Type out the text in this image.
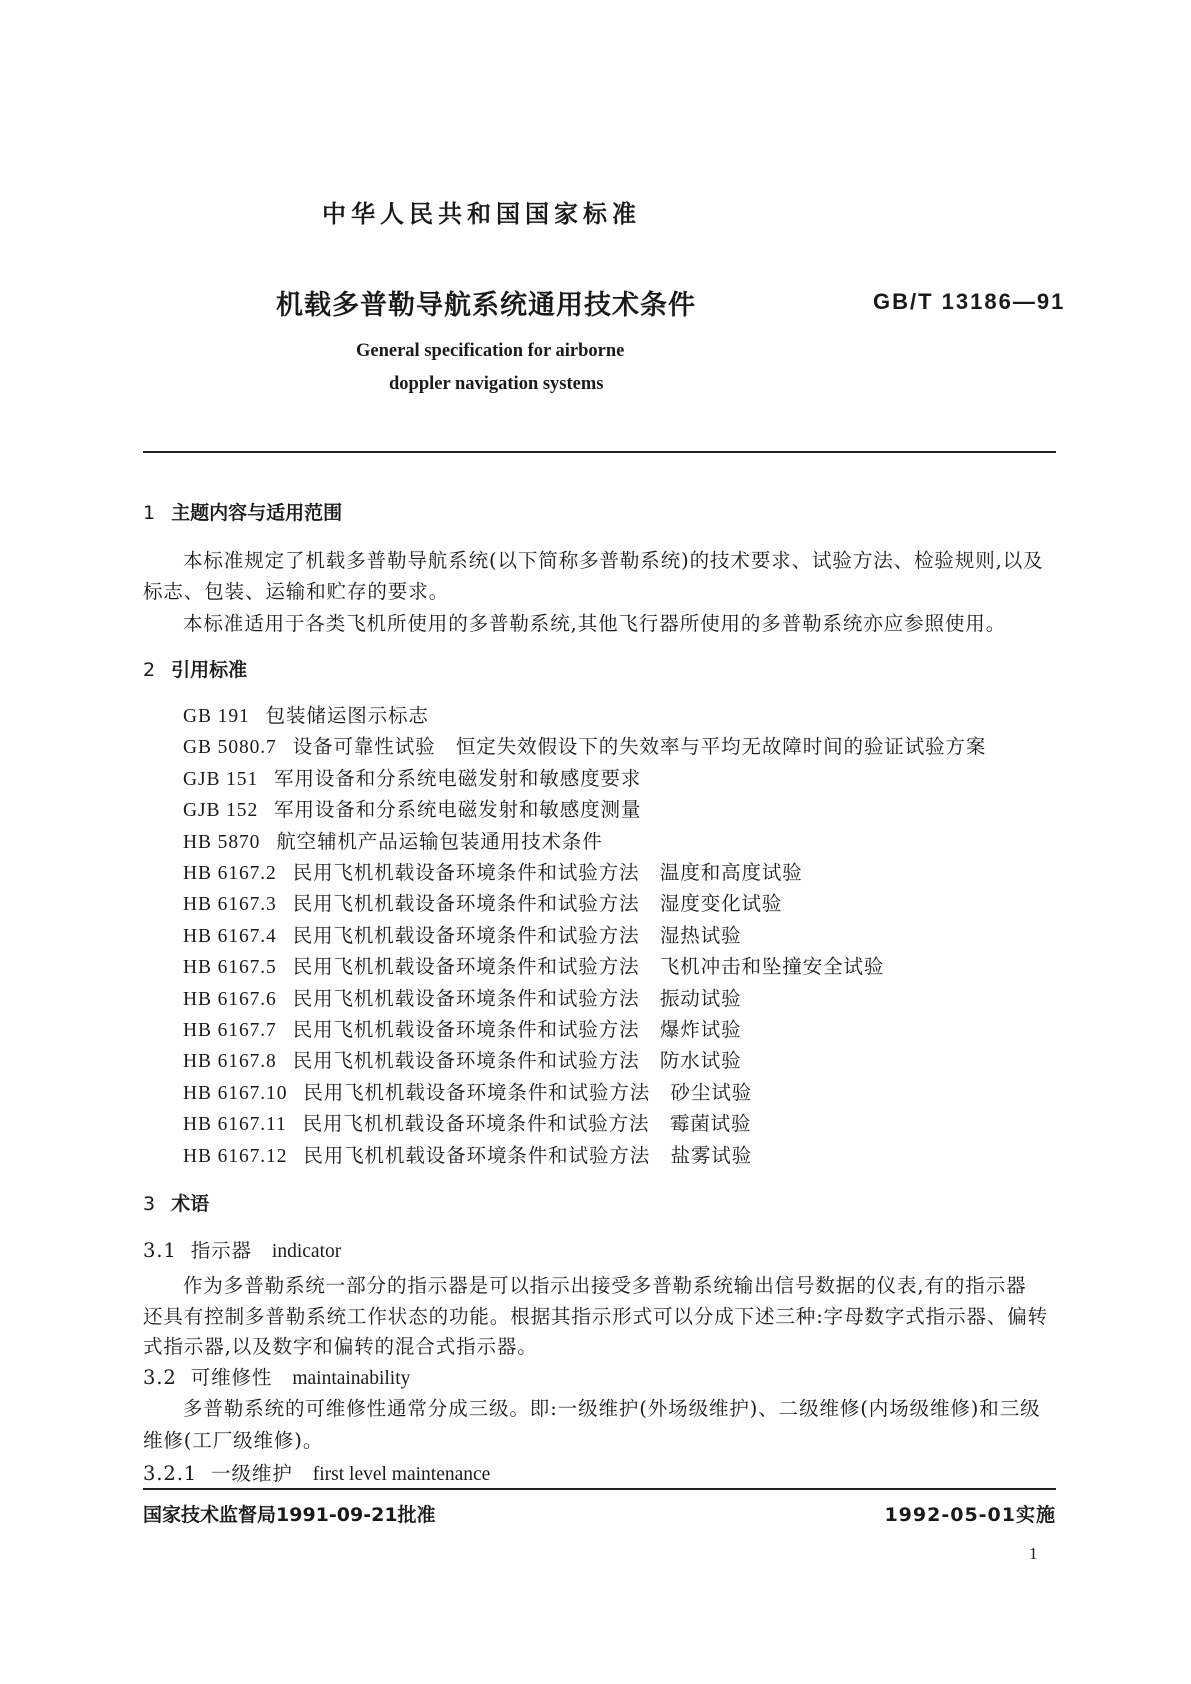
中华人民共和国国家标准
机载多普勒导航系统通用技术条件	GB/T 13186—91
General specification for airborne
doppler navigation systems
1 主题内容与适用范围
本标准规定了机载多普勒导航系统(以下简称多普勒系统)的技术要求、试验方法、检验规则,以及
标志、包装、运输和贮存的要求。
本标准适用于各类飞机所使用的多普勒系统,其他飞行器所使用的多普勒系统亦应参照使用。
2 引用标准
GB 191 包装储运图示标志
GB 5080.7 设备可靠性试验　恒定失效假设下的失效率与平均无故障时间的验证试验方案
GJB 151 军用设备和分系统电磁发射和敏感度要求
GJB 152 军用设备和分系统电磁发射和敏感度测量
HB 5870 航空辅机产品运输包装通用技术条件
HB 6167.2 民用飞机机载设备环境条件和试验方法　温度和高度试验
HB 6167.3 民用飞机机载设备环境条件和试验方法　湿度变化试验
HB 6167.4 民用飞机机载设备环境条件和试验方法　湿热试验
HB 6167.5 民用飞机机载设备环境条件和试验方法　飞机冲击和坠撞安全试验
HB 6167.6 民用飞机机载设备环境条件和试验方法　振动试验
HB 6167.7 民用飞机机载设备环境条件和试验方法　爆炸试验
HB 6167.8 民用飞机机载设备环境条件和试验方法　防水试验
HB 6167.10 民用飞机机载设备环境条件和试验方法　砂尘试验
HB 6167.11 民用飞机机载设备环境条件和试验方法　霉菌试验
HB 6167.12 民用飞机机载设备环境条件和试验方法　盐雾试验
3 术语
3.1 指示器 indicator
作为多普勒系统一部分的指示器是可以指示出接受多普勒系统输出信号数据的仪表,有的指示器
还具有控制多普勒系统工作状态的功能。根据其指示形式可以分成下述三种:字母数字式指示器、偏转
式指示器,以及数字和偏转的混合式指示器。
3.2 可维修性 maintainability
多普勒系统的可维修性通常分成三级。即:一级维护(外场级维护)、二级维修(内场级维修)和三级
维修(工厂级维修)。
3.2.1 一级维护 first level maintenance
国家技术监督局1991-09-21批准	1992-05-01实施
1
